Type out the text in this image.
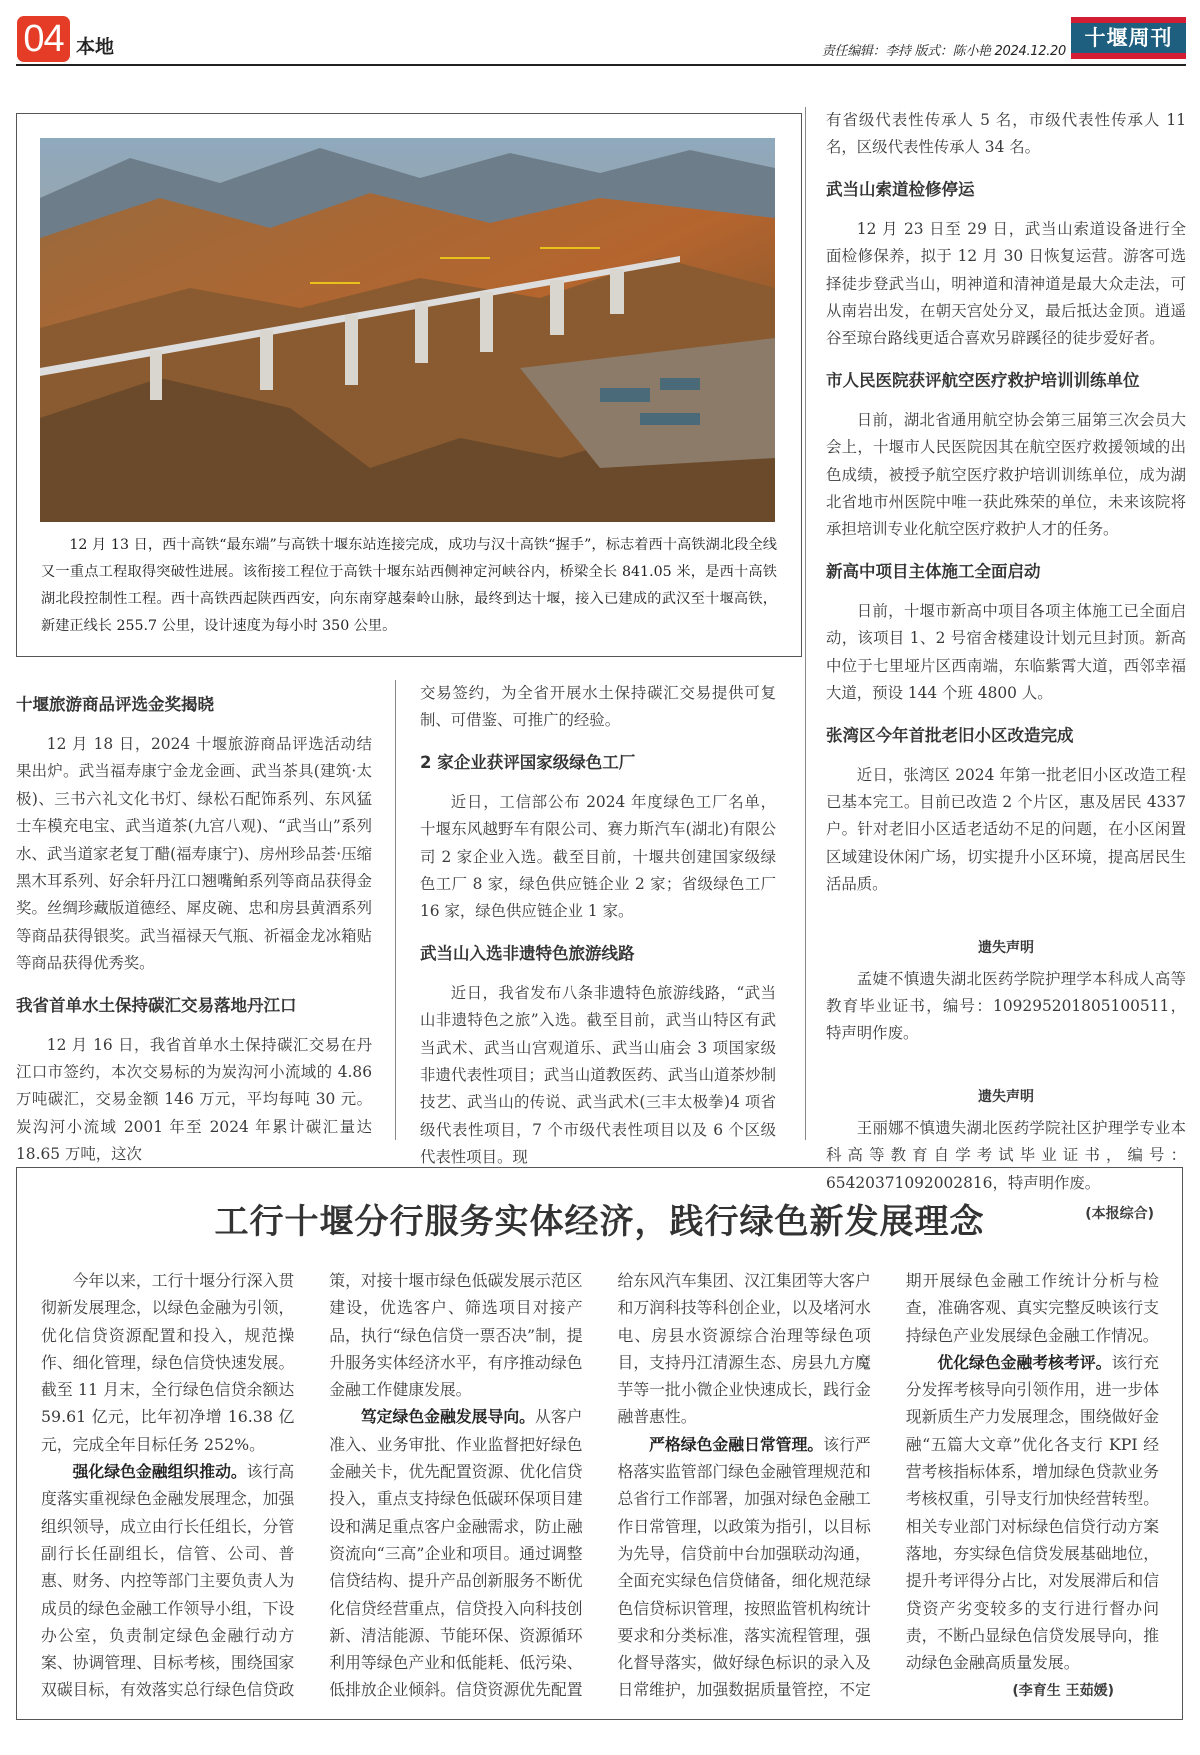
04 本地	责任编辑：李持 版式：陈小艳 2024.12.20
十堰周刊

12 月 13 日，西十高铁“最东端”与高铁十堰东站连接完成，成功与汉十高铁“握手”，标志着西十高铁湖北段全线又一重点工程取得突破性进展。该衔接工程位于高铁十堰东站西侧神定河峡谷内，桥梁全长 841.05 米，是西十高铁湖北段控制性工程。西十高铁西起陕西西安，向东南穿越秦岭山脉，最终到达十堰，接入已建成的武汉至十堰高铁，新建正线长 255.7 公里，设计速度为每小时 350 公里。

十堰旅游商品评选金奖揭晓

12 月 18 日，2024 十堰旅游商品评选活动结果出炉。武当福寿康宁金龙金画、武当茶具(建筑·太极)、三书六礼文化书灯、绿松石配饰系列、东风猛士车模充电宝、武当道茶(九宫八观)、“武当山”系列水、武当道家老复丁醋(福寿康宁)、房州珍品荟·压缩黑木耳系列、好余轩丹江口翘嘴鲌系列等商品获得金奖。丝绸珍藏版道德经、犀皮碗、忠和房县黄酒系列等商品获得银奖。武当福禄天气瓶、祈福金龙冰箱贴等商品获得优秀奖。

我省首单水土保持碳汇交易落地丹江口

12 月 16 日，我省首单水土保持碳汇交易在丹江口市签约，本次交易标的为炭沟河小流域的 4.86 万吨碳汇，交易金额 146 万元，平均每吨 30 元。炭沟河小流域 2001 年至 2024 年累计碳汇量达 18.65 万吨，这次

交易签约，为全省开展水土保持碳汇交易提供可复制、可借鉴、可推广的经验。

2 家企业获评国家级绿色工厂

近日，工信部公布 2024 年度绿色工厂名单，十堰东风越野车有限公司、赛力斯汽车(湖北)有限公司 2 家企业入选。截至目前，十堰共创建国家级绿色工厂 8 家，绿色供应链企业 2 家；省级绿色工厂 16 家，绿色供应链企业 1 家。

武当山入选非遗特色旅游线路

近日，我省发布八条非遗特色旅游线路，“武当山非遗特色之旅”入选。截至目前，武当山特区有武当武术、武当山宫观道乐、武当山庙会 3 项国家级非遗代表性项目；武当山道教医药、武当山道茶炒制技艺、武当山的传说、武当武术(三丰太极拳)4 项省级代表性项目，7 个市级代表性项目以及 6 个区级代表性项目。现

有省级代表性传承人 5 名，市级代表性传承人 11 名，区级代表性传承人 34 名。

武当山索道检修停运

12 月 23 日至 29 日，武当山索道设备进行全面检修保养，拟于 12 月 30 日恢复运营。游客可选择徒步登武当山，明神道和清神道是最大众走法，可从南岩出发，在朝天宫处分叉，最后抵达金顶。逍遥谷至琼台路线更适合喜欢另辟蹊径的徒步爱好者。

市人民医院获评航空医疗救护培训训练单位

日前，湖北省通用航空协会第三届第三次会员大会上，十堰市人民医院因其在航空医疗救援领域的出色成绩，被授予航空医疗救护培训训练单位，成为湖北省地市州医院中唯一获此殊荣的单位，未来该院将承担培训专业化航空医疗救护人才的任务。

新高中项目主体施工全面启动

日前，十堰市新高中项目各项主体施工已全面启动，该项目 1、2 号宿舍楼建设计划元旦封顶。新高中位于七里垭片区西南端，东临紫霄大道，西邻幸福大道，预设 144 个班 4800 人。

张湾区今年首批老旧小区改造完成

近日，张湾区 2024 年第一批老旧小区改造工程已基本完工。目前已改造 2 个片区，惠及居民 4337 户。针对老旧小区适老适幼不足的问题，在小区闲置区域建设休闲广场，切实提升小区环境，提高居民生活品质。

遗失声明

孟婕不慎遗失湖北医药学院护理学本科成人高等教育毕业证书，编号：109295201805100511，特声明作废。

遗失声明

王丽娜不慎遗失湖北医药学院社区护理学专业本科高等教育自学考试毕业证书，编号：65420371092002816，特声明作废。

(本报综合)
工行十堰分行服务实体经济，践行绿色新发展理念

今年以来，工行十堰分行深入贯彻新发展理念，以绿色金融为引领，优化信贷资源配置和投入，规范操作、细化管理，绿色信贷快速发展。截至 11 月末，全行绿色信贷余额达 59.61 亿元，比年初净增 16.38 亿元，完成全年目标任务 252%。

强化绿色金融组织推动。该行高度落实重视绿色金融发展理念，加强组织领导，成立由行长任组长，分管副行长任副组长，信管、公司、普惠、财务、内控等部门主要负责人为成员的绿色金融工作领导小组，下设办公室，负责制定绿色金融行动方案、协调管理、目标考核，围绕国家双碳目标，有效落实总行绿色信贷政策，对接十堰市绿色低碳发展示范区建设，优选客户、筛选项目对接产品，执行“绿色信贷一票否决”制，提升服务实体经济水平，有序推动绿色金融工作健康发展。

笃定绿色金融发展导向。从客户准入、业务审批、作业监督把好绿色金融关卡，优先配置资源、优化信贷投入，重点支持绿色低碳环保项目建设和满足重点客户金融需求，防止融资流向“三高”企业和项目。通过调整信贷结构、提升产品创新服务不断优化信贷经营重点，信贷投入向科技创新、清洁能源、节能环保、资源循环利用等绿色产业和低能耗、低污染、低排放企业倾斜。信贷资源优先配置给东风汽车集团、汉江集团等大客户和万润科技等科创企业，以及堵河水电、房县水资源综合治理等绿色项目，支持丹江清源生态、房县九方魔芋等一批小微企业快速成长，践行金融普惠性。

严格绿色金融日常管理。该行严格落实监管部门绿色金融管理规范和总省行工作部署，加强对绿色金融工作日常管理，以政策为指引，以目标为先导，信贷前中台加强联动沟通，全面充实绿色信贷储备，细化规范绿色信贷标识管理，按照监管机构统计要求和分类标准，落实流程管理，强化督导落实，做好绿色标识的录入及日常维护，加强数据质量管控，不定期开展绿色金融工作统计分析与检查，准确客观、真实完整反映该行支持绿色产业发展绿色金融工作情况。

优化绿色金融考核考评。该行充分发挥考核导向引领作用，进一步体现新质生产力发展理念，围绕做好金融“五篇大文章”优化各支行 KPI 经营考核指标体系，增加绿色贷款业务考核权重，引导支行加快经营转型。相关专业部门对标绿色信贷行动方案落地，夯实绿色信贷发展基础地位，提升考评得分占比，对发展滞后和信贷资产劣变较多的支行进行督办问责，不断凸显绿色信贷发展导向，推动绿色金融高质量发展。

(李育生 王茹媛)
